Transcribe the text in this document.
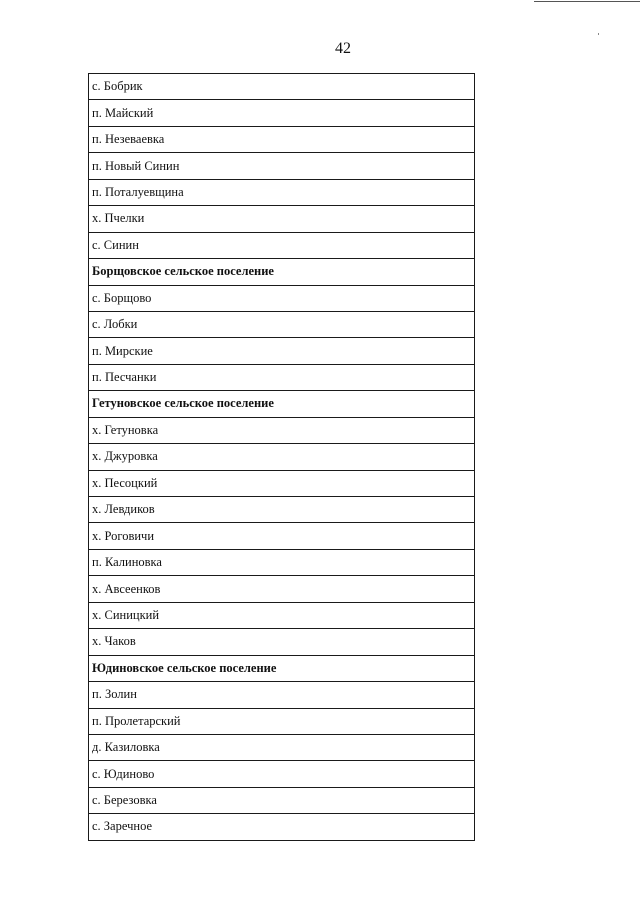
42
с. Бобрик
п. Майский
п. Незеваевка
п. Новый Синин
п. Поталуевщина
х. Пчелки
с. Синин
Борщовское сельское поселение
с. Борщово
с. Лобки
п. Мирские
п. Песчанки
Гетуновское сельское поселение
х. Гетуновка
х. Джуровка
х. Песоцкий
х. Левдиков
х. Роговичи
п. Калиновка
х. Авсеенков
х. Синицкий
х. Чаков
Юдиновское сельское поселение
п. Золин
п. Пролетарский
д. Казиловка
с. Юдиново
с. Березовка
с. Заречное
